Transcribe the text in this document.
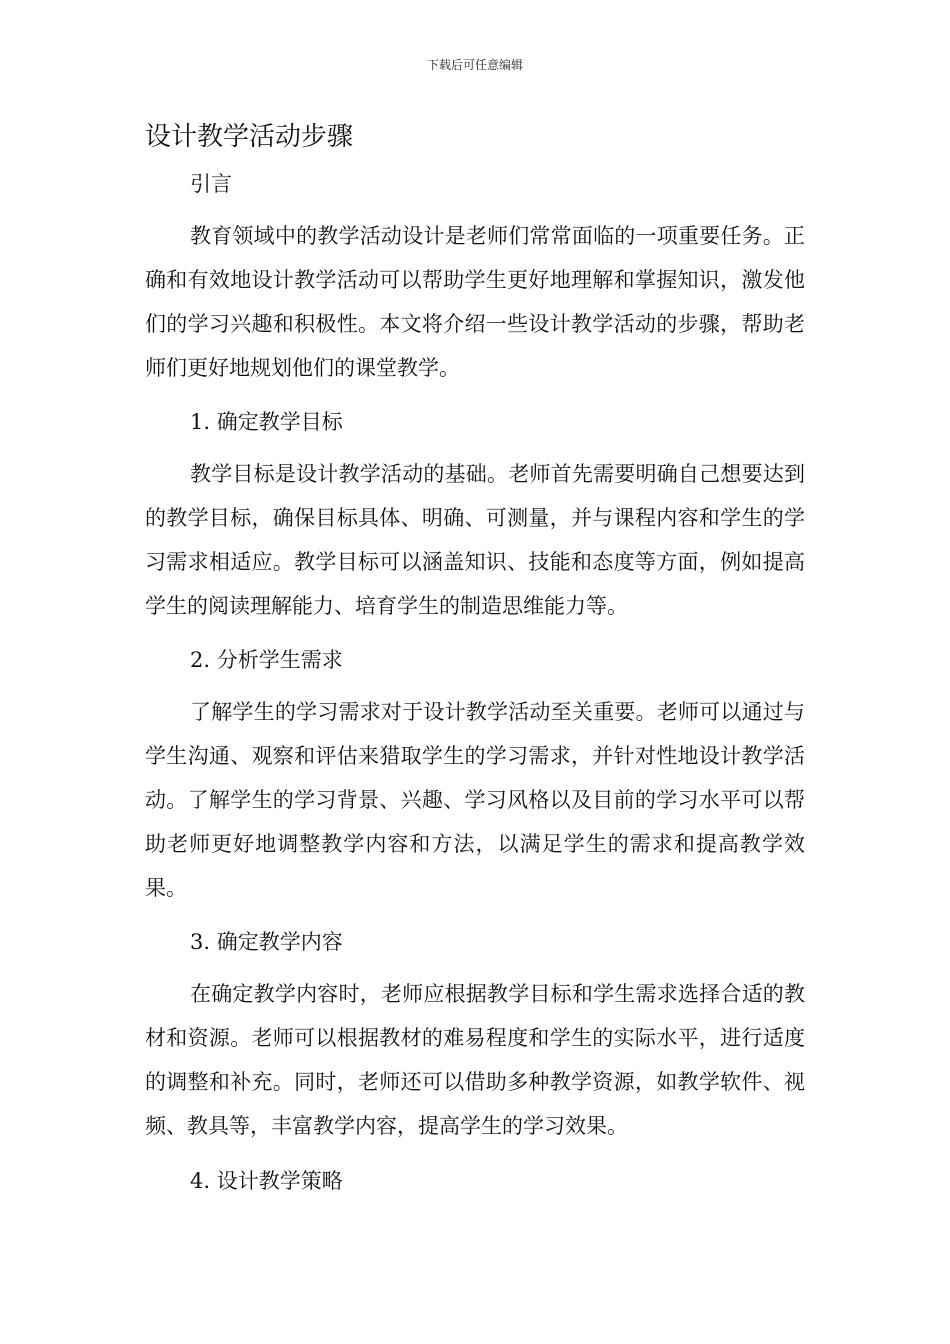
下载后可任意编辑
设计教学活动步骤
引言

教育领域中的教学活动设计是老师们常常面临的一项重要任务。正确和有效地设计教学活动可以帮助学生更好地理解和掌握知识，激发他们的学习兴趣和积极性。本文将介绍一些设计教学活动的步骤，帮助老师们更好地规划他们的课堂教学。

1. 确定教学目标

教学目标是设计教学活动的基础。老师首先需要明确自己想要达到的教学目标，确保目标具体、明确、可测量，并与课程内容和学生的学习需求相适应。教学目标可以涵盖知识、技能和态度等方面，例如提高学生的阅读理解能力、培育学生的制造思维能力等。

2. 分析学生需求

了解学生的学习需求对于设计教学活动至关重要。老师可以通过与学生沟通、观察和评估来猎取学生的学习需求，并针对性地设计教学活动。了解学生的学习背景、兴趣、学习风格以及目前的学习水平可以帮助老师更好地调整教学内容和方法，以满足学生的需求和提高教学效果。

3. 确定教学内容

在确定教学内容时，老师应根据教学目标和学生需求选择合适的教材和资源。老师可以根据教材的难易程度和学生的实际水平，进行适度的调整和补充。同时，老师还可以借助多种教学资源，如教学软件、视频、教具等，丰富教学内容，提高学生的学习效果。

4. 设计教学策略
